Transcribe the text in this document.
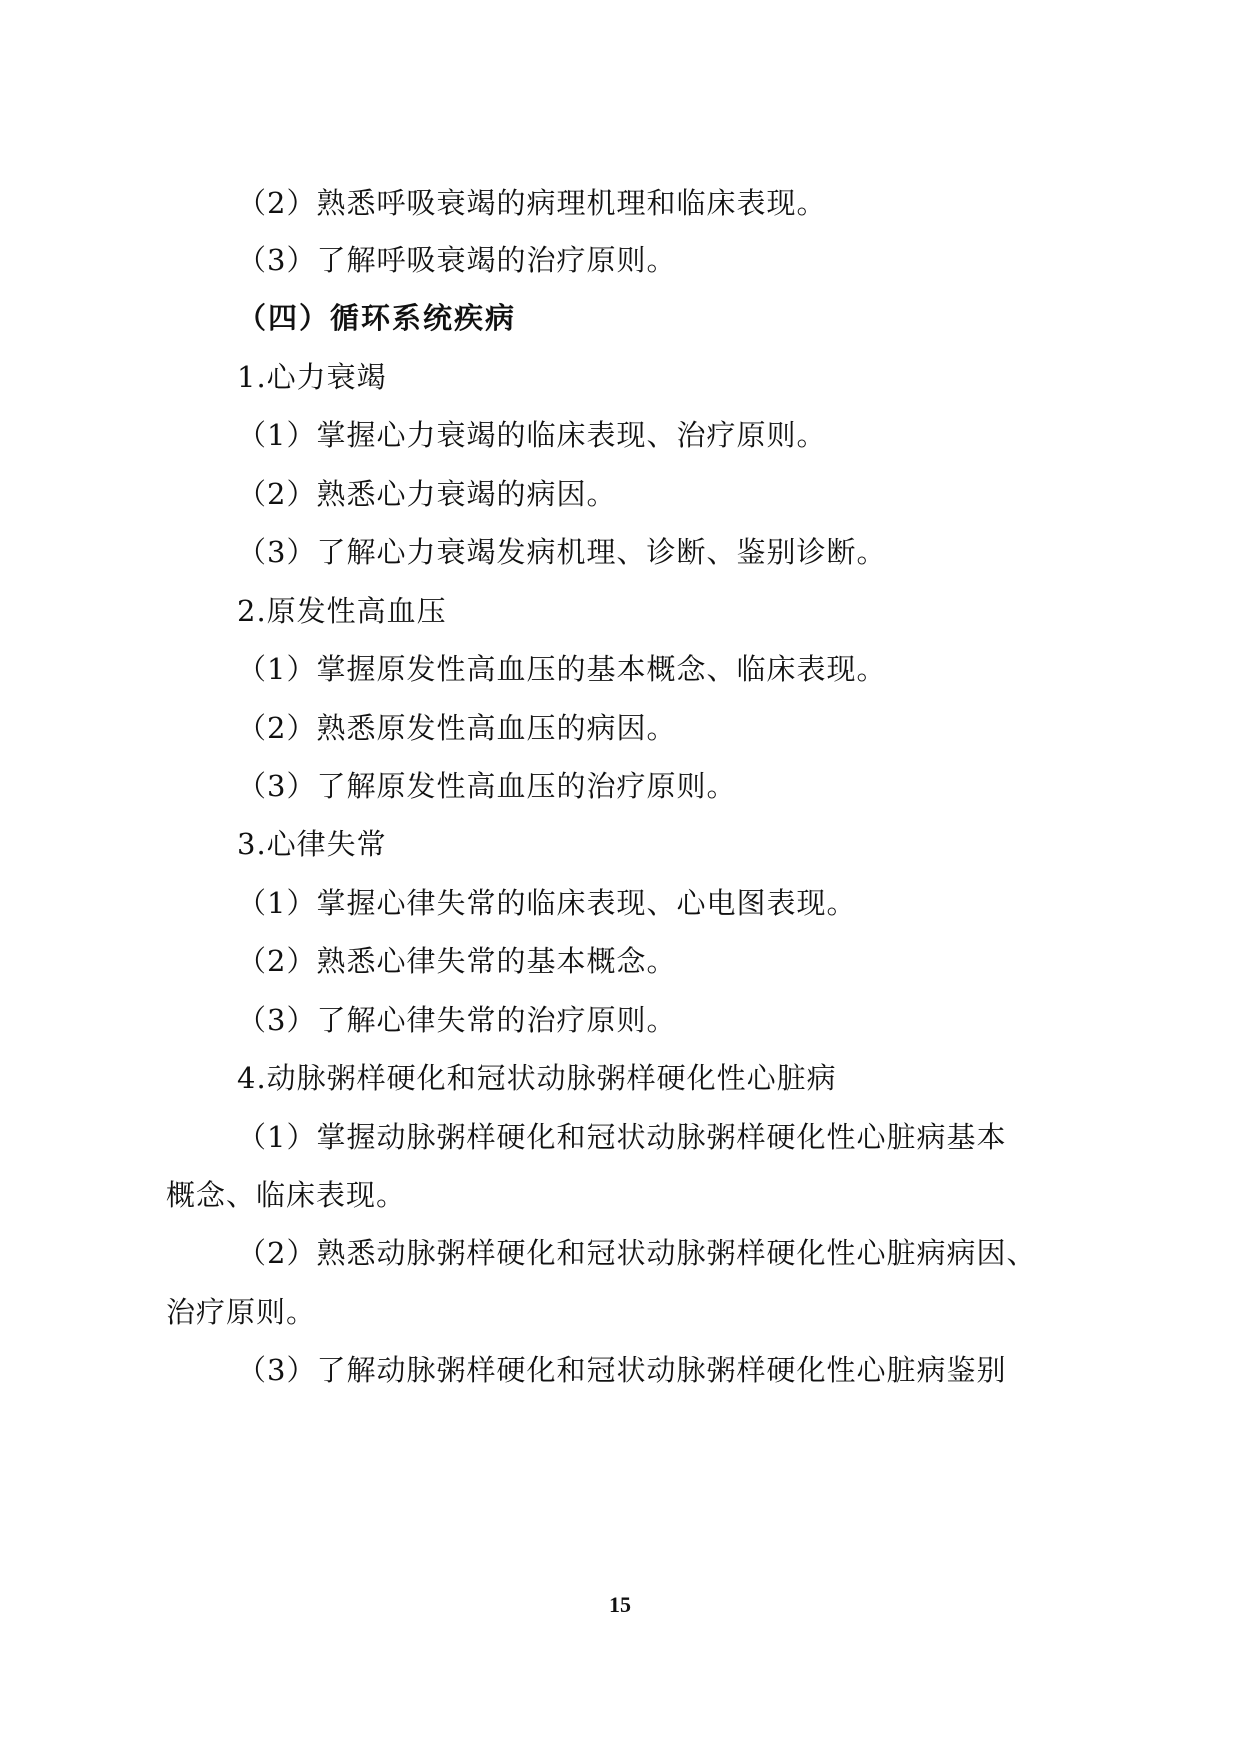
（2）熟悉呼吸衰竭的病理机理和临床表现。
（3）了解呼吸衰竭的治疗原则。
（四）循环系统疾病
1.心力衰竭
（1）掌握心力衰竭的临床表现、治疗原则。
（2）熟悉心力衰竭的病因。
（3）了解心力衰竭发病机理、诊断、鉴别诊断。
2.原发性高血压
（1）掌握原发性高血压的基本概念、临床表现。
（2）熟悉原发性高血压的病因。
（3）了解原发性高血压的治疗原则。
3.心律失常
（1）掌握心律失常的临床表现、心电图表现。
（2）熟悉心律失常的基本概念。
（3）了解心律失常的治疗原则。
4.动脉粥样硬化和冠状动脉粥样硬化性心脏病
（1）掌握动脉粥样硬化和冠状动脉粥样硬化性心脏病基本
概念、临床表现。
（2）熟悉动脉粥样硬化和冠状动脉粥样硬化性心脏病病因、
治疗原则。
（3）了解动脉粥样硬化和冠状动脉粥样硬化性心脏病鉴别
15
